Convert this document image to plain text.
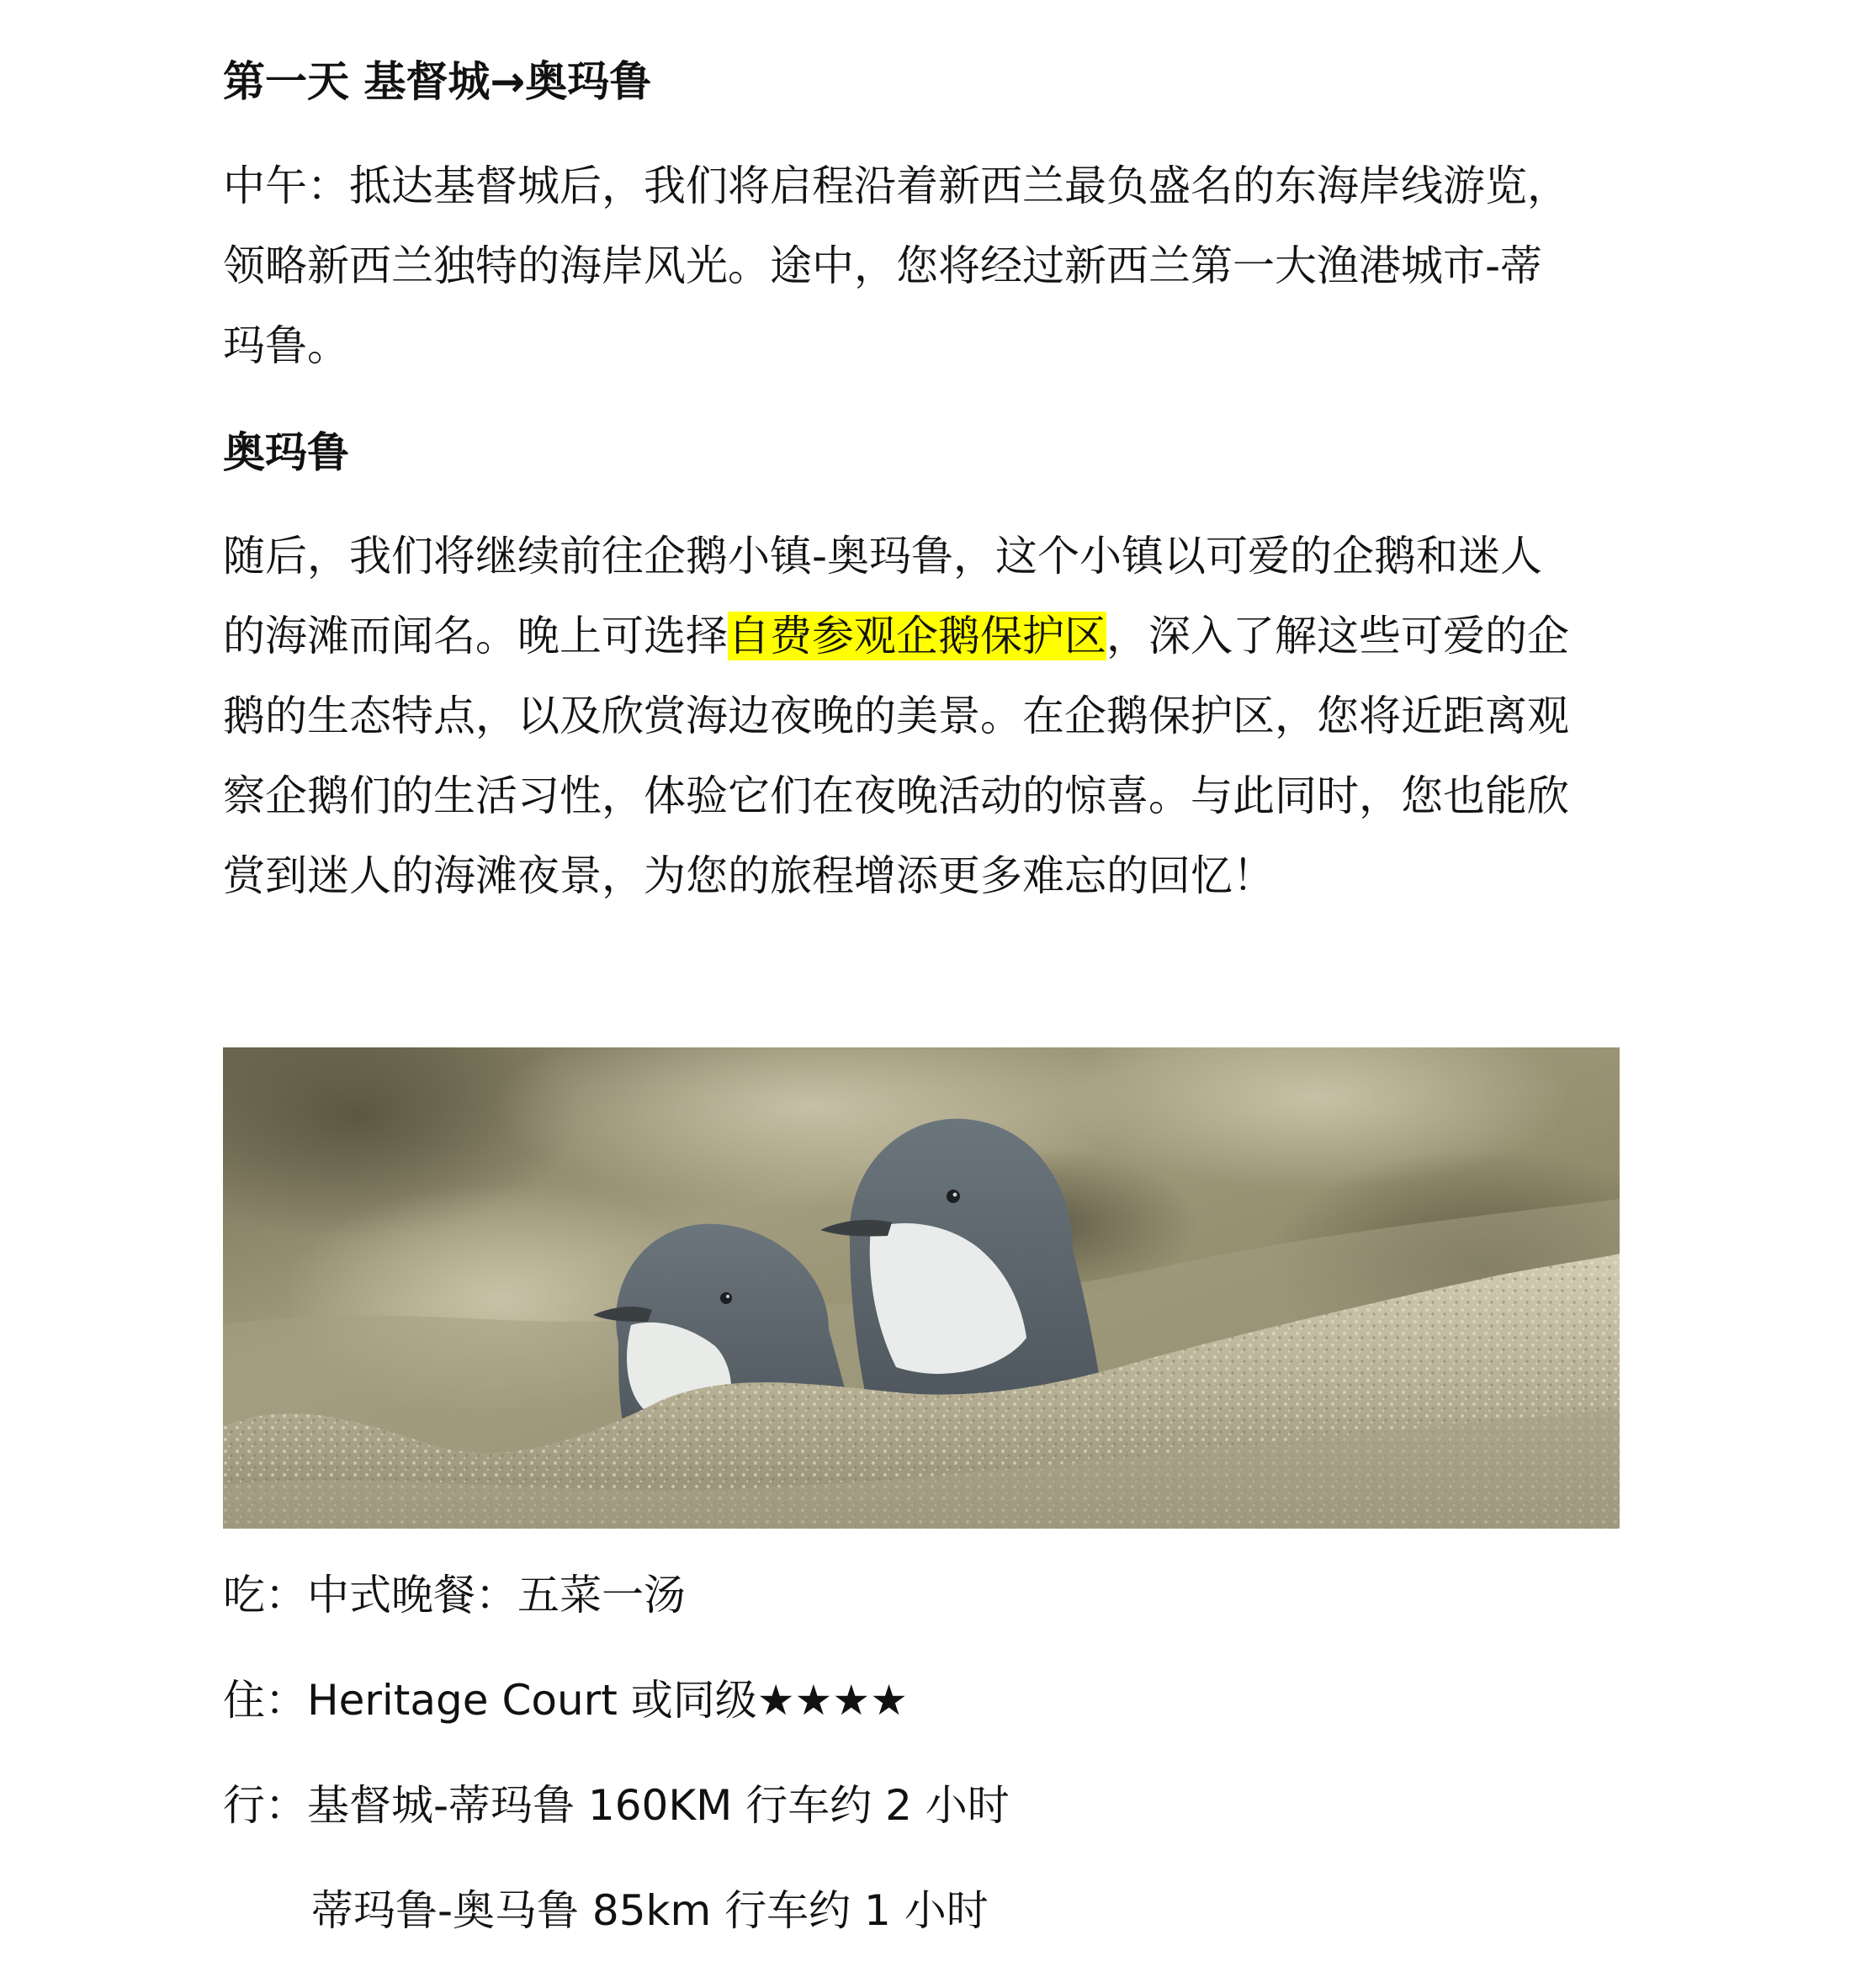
第一天 基督城→奥玛鲁

中午：抵达基督城后，我们将启程沿着新西兰最负盛名的东海岸线游览，
领略新西兰独特的海岸风光。途中，您将经过新西兰第一大渔港城市-蒂
玛鲁。

奥玛鲁

随后，我们将继续前往企鹅小镇-奥玛鲁，这个小镇以可爱的企鹅和迷人
的海滩而闻名。晚上可选择自费参观企鹅保护区，深入了解这些可爱的企
鹅的生态特点，以及欣赏海边夜晚的美景。在企鹅保护区，您将近距离观
察企鹅们的生活习性，体验它们在夜晚活动的惊喜。与此同时，您也能欣
赏到迷人的海滩夜景，为您的旅程增添更多难忘的回忆！

吃：中式晚餐：五菜一汤

住：Heritage Court 或同级★★★★

行：基督城-蒂玛鲁 160KM 行车约 2 小时

蒂玛鲁-奥马鲁 85km 行车约 1 小时
